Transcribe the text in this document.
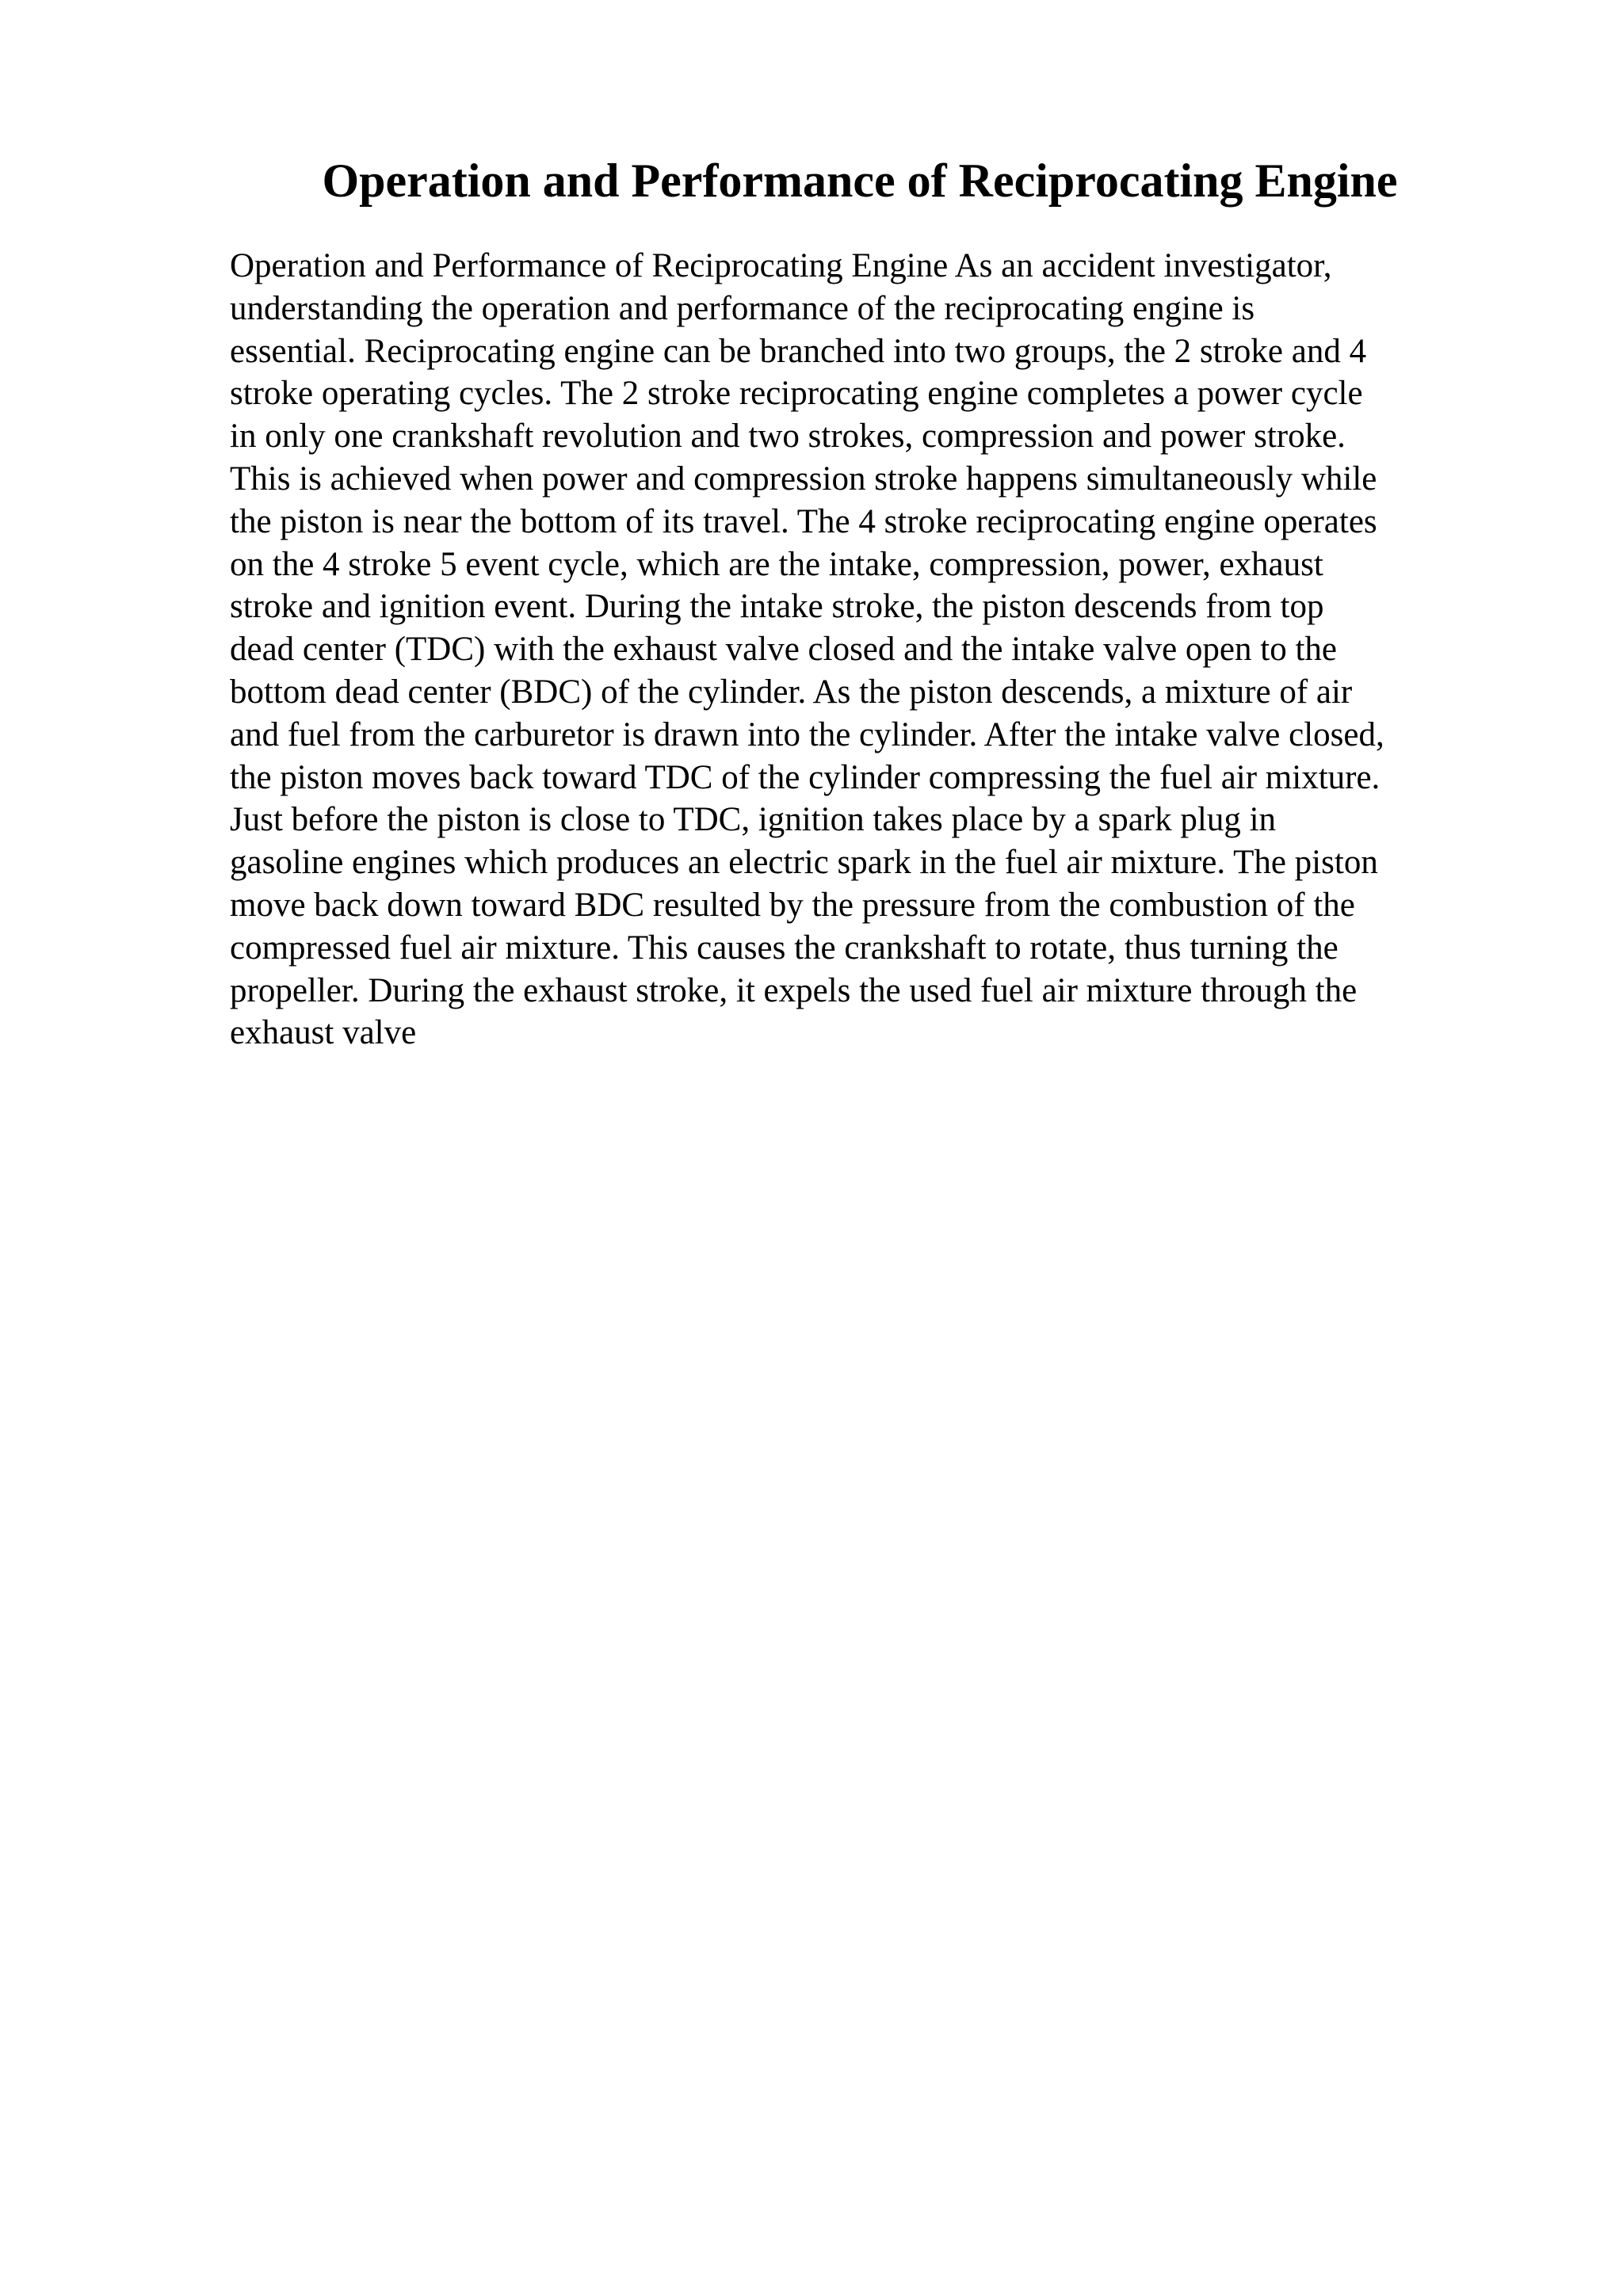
Operation and Performance of Reciprocating Engine
Operation and Performance of Reciprocating Engine As an accident investigator,
understanding the operation and performance of the reciprocating engine is
essential. Reciprocating engine can be branched into two groups, the 2 stroke and 4
stroke operating cycles. The 2 stroke reciprocating engine completes a power cycle
in only one crankshaft revolution and two strokes, compression and power stroke.
This is achieved when power and compression stroke happens simultaneously while
the piston is near the bottom of its travel. The 4 stroke reciprocating engine operates
on the 4 stroke 5 event cycle, which are the intake, compression, power, exhaust
stroke and ignition event. During the intake stroke, the piston descends from top
dead center (TDC) with the exhaust valve closed and the intake valve open to the
bottom dead center (BDC) of the cylinder. As the piston descends, a mixture of air
and fuel from the carburetor is drawn into the cylinder. After the intake valve closed,
the piston moves back toward TDC of the cylinder compressing the fuel air mixture.
Just before the piston is close to TDC, ignition takes place by a spark plug in
gasoline engines which produces an electric spark in the fuel air mixture. The piston
move back down toward BDC resulted by the pressure from the combustion of the
compressed fuel air mixture. This causes the crankshaft to rotate, thus turning the
propeller. During the exhaust stroke, it expels the used fuel air mixture through the
exhaust valve
